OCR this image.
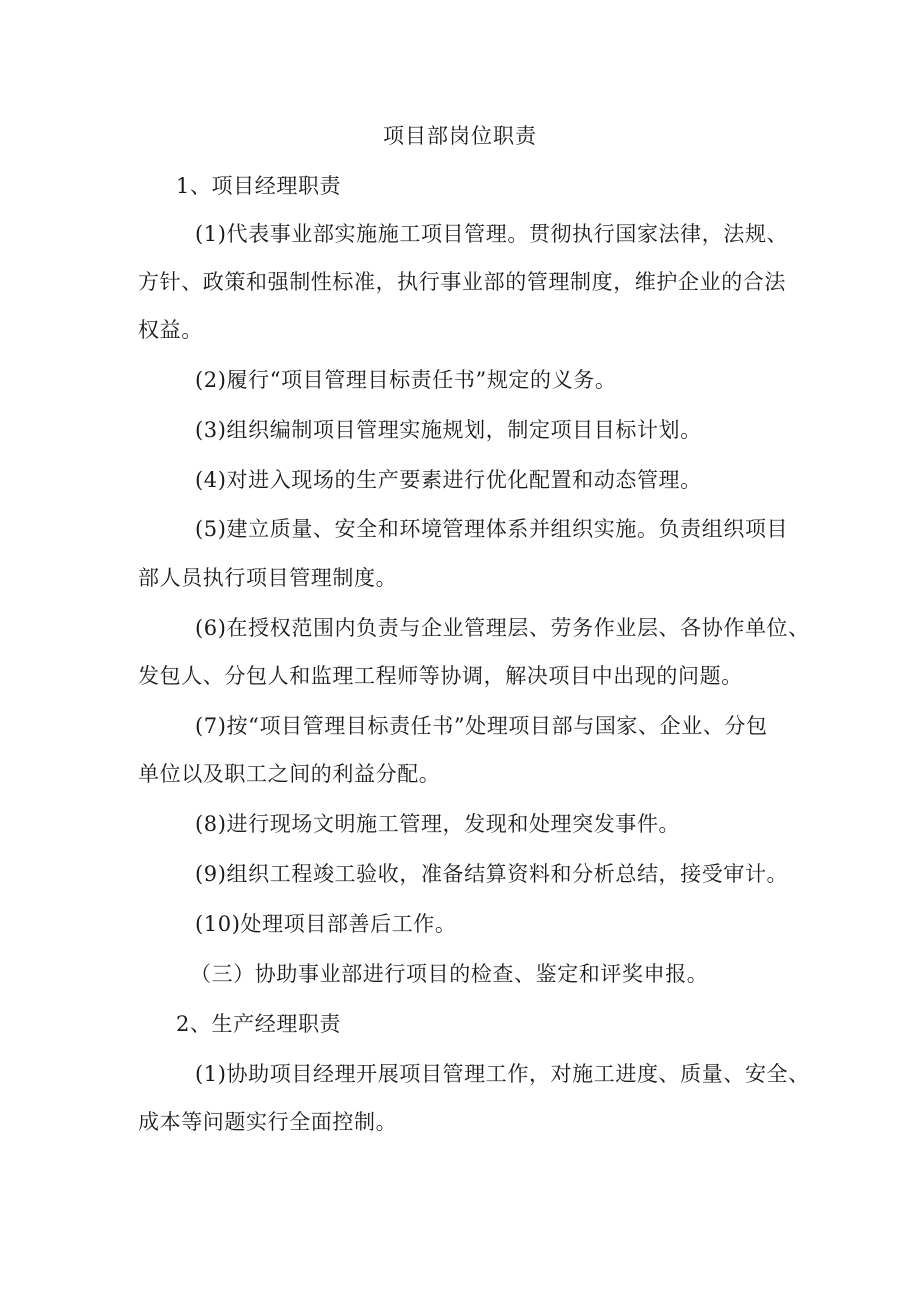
项目部岗位职责
1、项目经理职责
(1)代表事业部实施施工项目管理。贯彻执行国家法律，法规、
方针、政策和强制性标准，执行事业部的管理制度，维护企业的合法
权益。
(2)履行“项目管理目标责任书”规定的义务。
(3)组织编制项目管理实施规划，制定项目目标计划。
(4)对进入现场的生产要素进行优化配置和动态管理。
(5)建立质量、安全和环境管理体系并组织实施。负责组织项目
部人员执行项目管理制度。
(6)在授权范围内负责与企业管理层、劳务作业层、各协作单位、
发包人、分包人和监理工程师等协调，解决项目中出现的问题。
(7)按“项目管理目标责任书”处理项目部与国家、企业、分包
单位以及职工之间的利益分配。
(8)进行现场文明施工管理，发现和处理突发事件。
(9)组织工程竣工验收，准备结算资料和分析总结，接受审计。
(10)处理项目部善后工作。
（三）协助事业部进行项目的检查、鉴定和评奖申报。
2、生产经理职责
(1)协助项目经理开展项目管理工作，对施工进度、质量、安全、
成本等问题实行全面控制。
